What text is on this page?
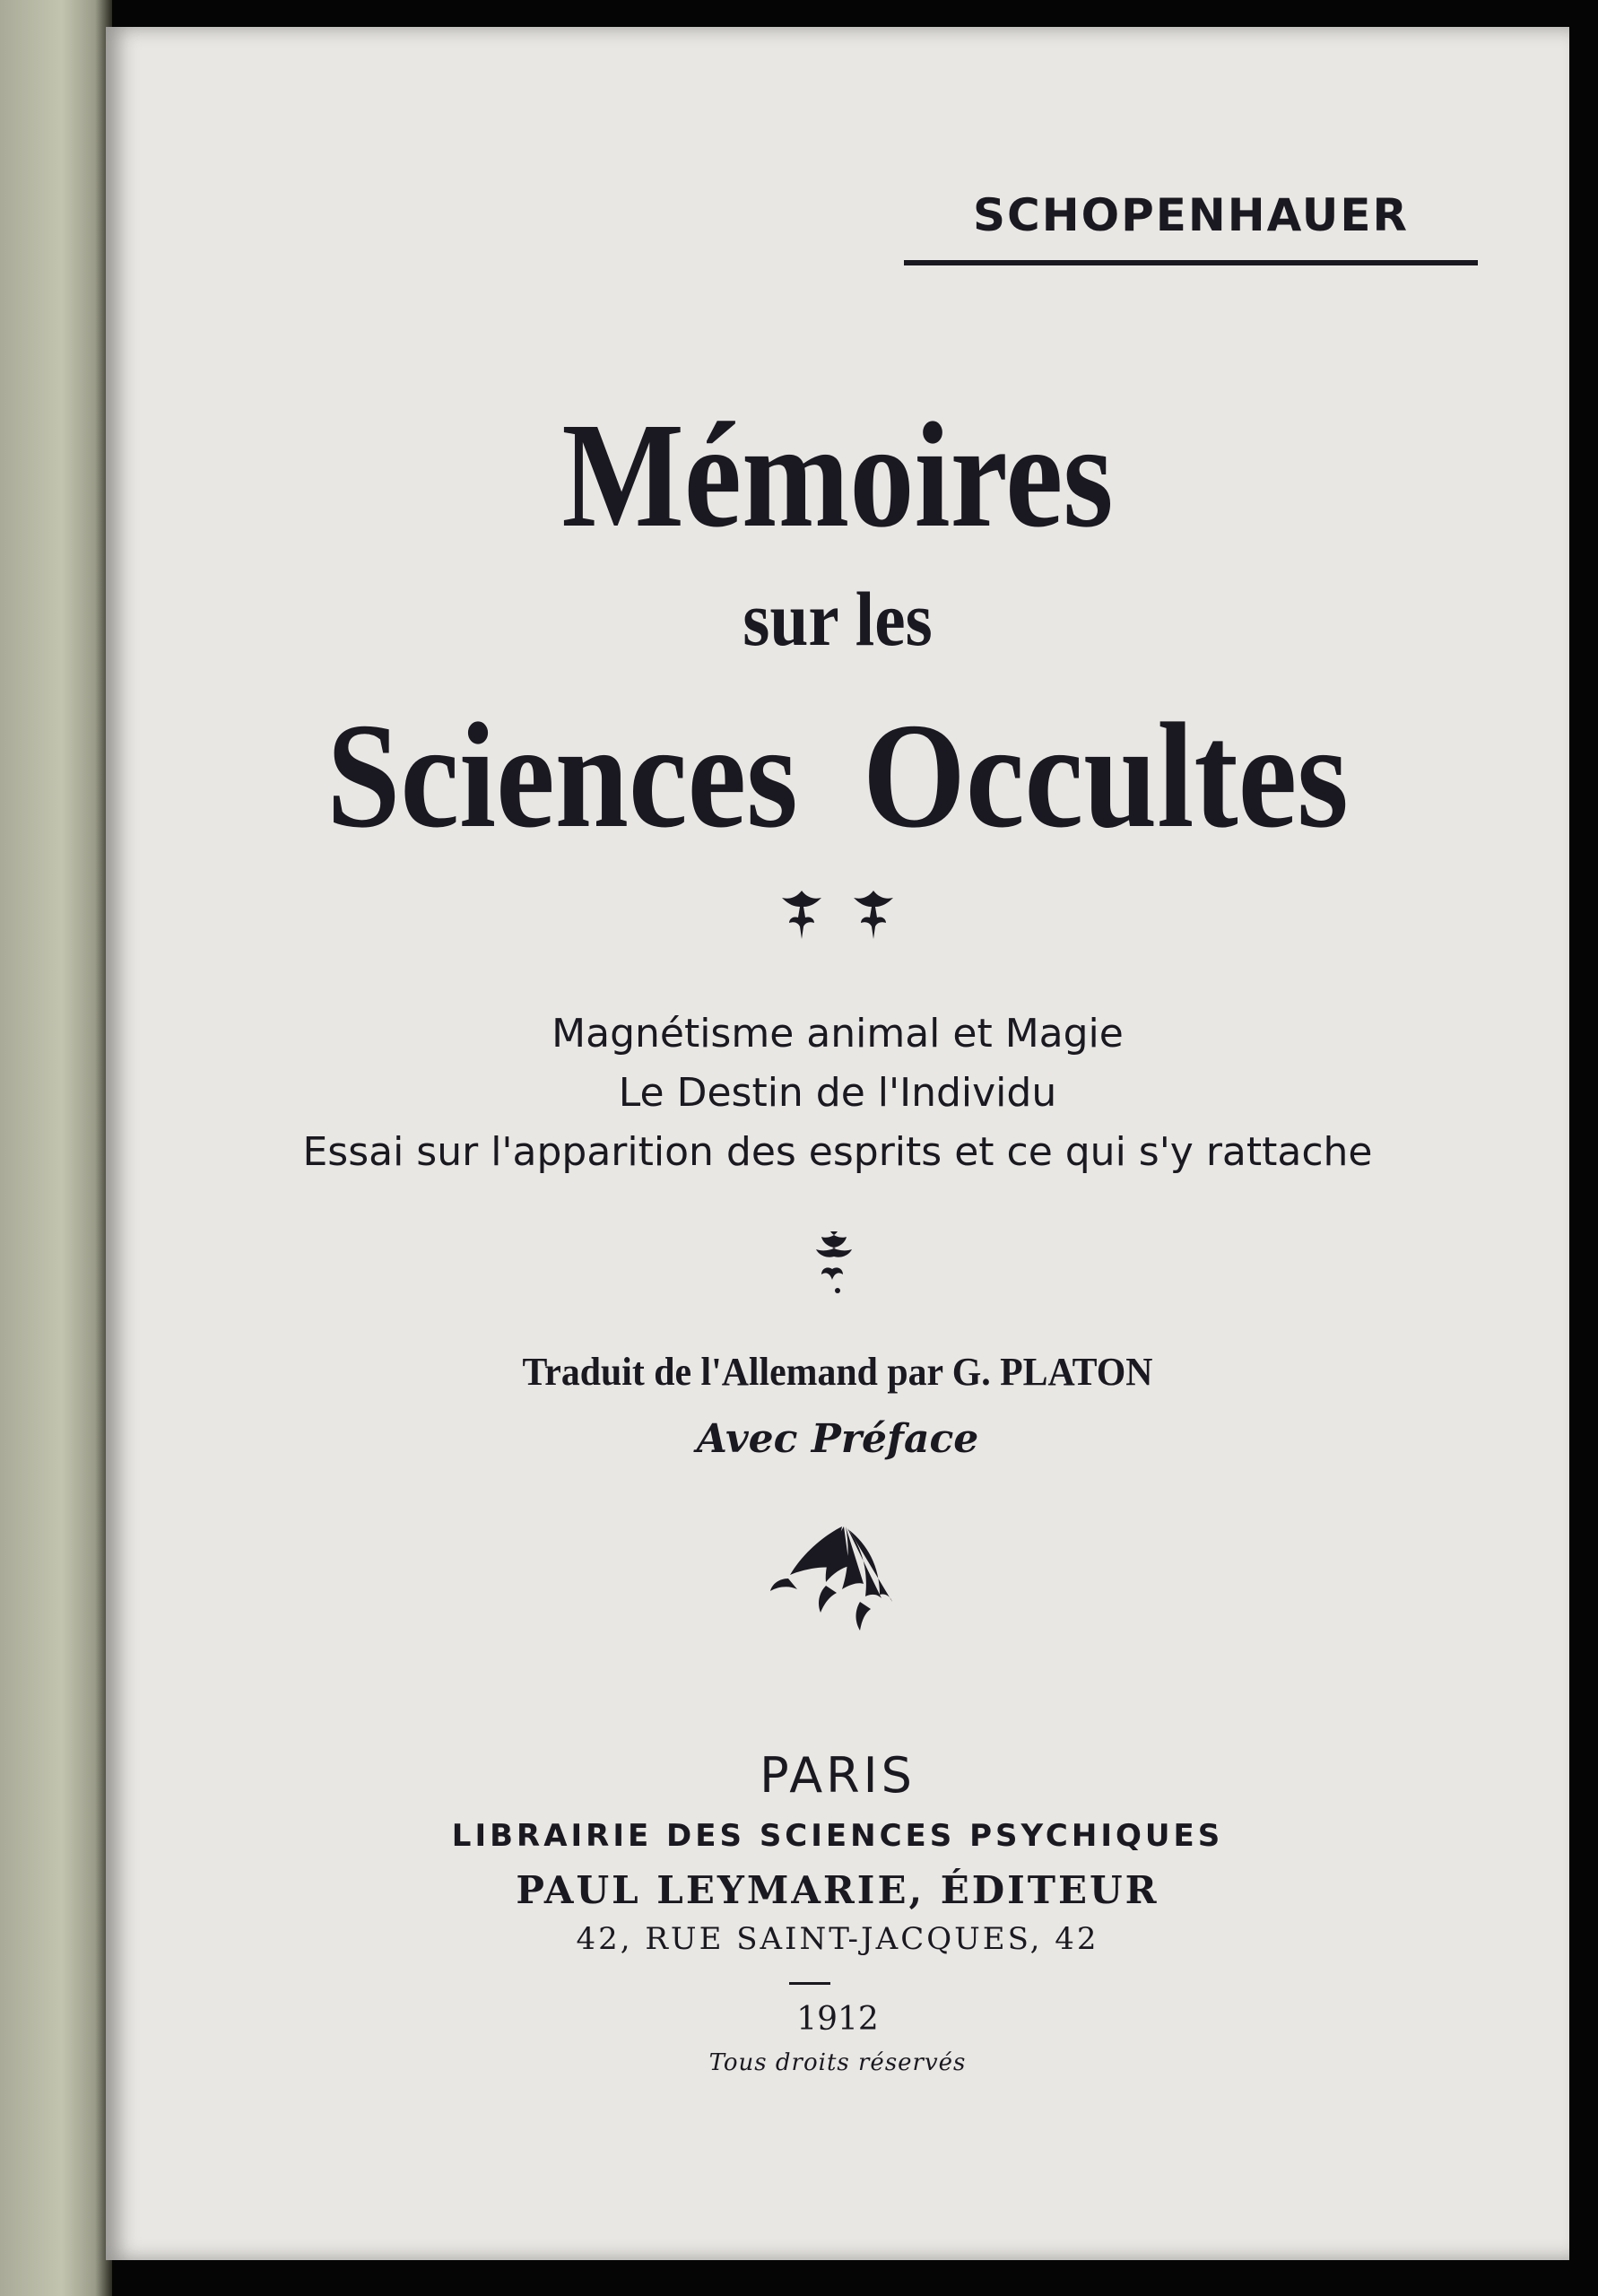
SCHOPENHAUER
Mémoires
sur les
Sciences Occultes
Magnétisme animal et Magie
Le Destin de l'Individu
Essai sur l'apparition des esprits et ce qui s'y rattache
Traduit de l'Allemand par G. PLATON
Avec Préface
PARIS
LIBRAIRIE DES SCIENCES PSYCHIQUES
PAUL LEYMARIE, ÉDITEUR
42, RUE SAINT-JACQUES, 42
1912
Tous droits réservés
